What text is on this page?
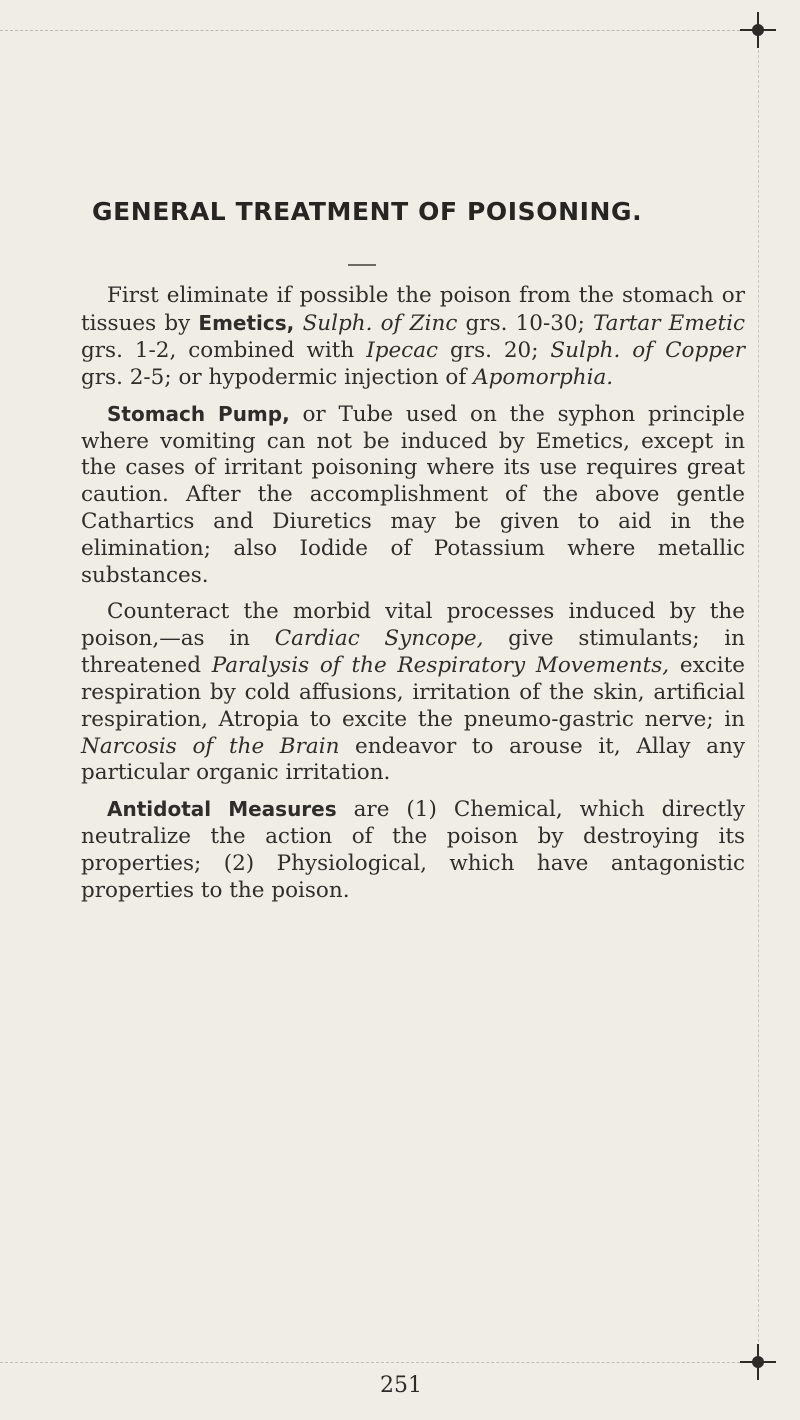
GENERAL TREATMENT OF POISONING.

First eliminate if possible the poison from the stomach or tissues by Emetics, Sulph. of Zinc grs. 10-30; Tartar Emetic grs. 1-2, combined with Ipecac grs. 20; Sulph. of Copper grs. 2-5; or hypodermic injection of Apomorphia.

Stomach Pump, or Tube used on the syphon principle where vomiting can not be induced by Emetics, except in the cases of irritant poisoning where its use requires great caution. After the accomplishment of the above gentle Cathartics and Diuretics may be given to aid in the elimination; also Iodide of Potassium where metallic substances.

Counteract the morbid vital processes induced by the poison,—as in Cardiac Syncope, give stimulants; in threatened Paralysis of the Respiratory Movements, excite respiration by cold affusions, irritation of the skin, artificial respiration, Atropia to excite the pneumo-gastric nerve; in Narcosis of the Brain endeavor to arouse it, Allay any particular organic irritation.

Antidotal Measures are (1) Chemical, which directly neutralize the action of the poison by destroying its properties; (2) Physiological, which have antagonistic properties to the poison.

251
